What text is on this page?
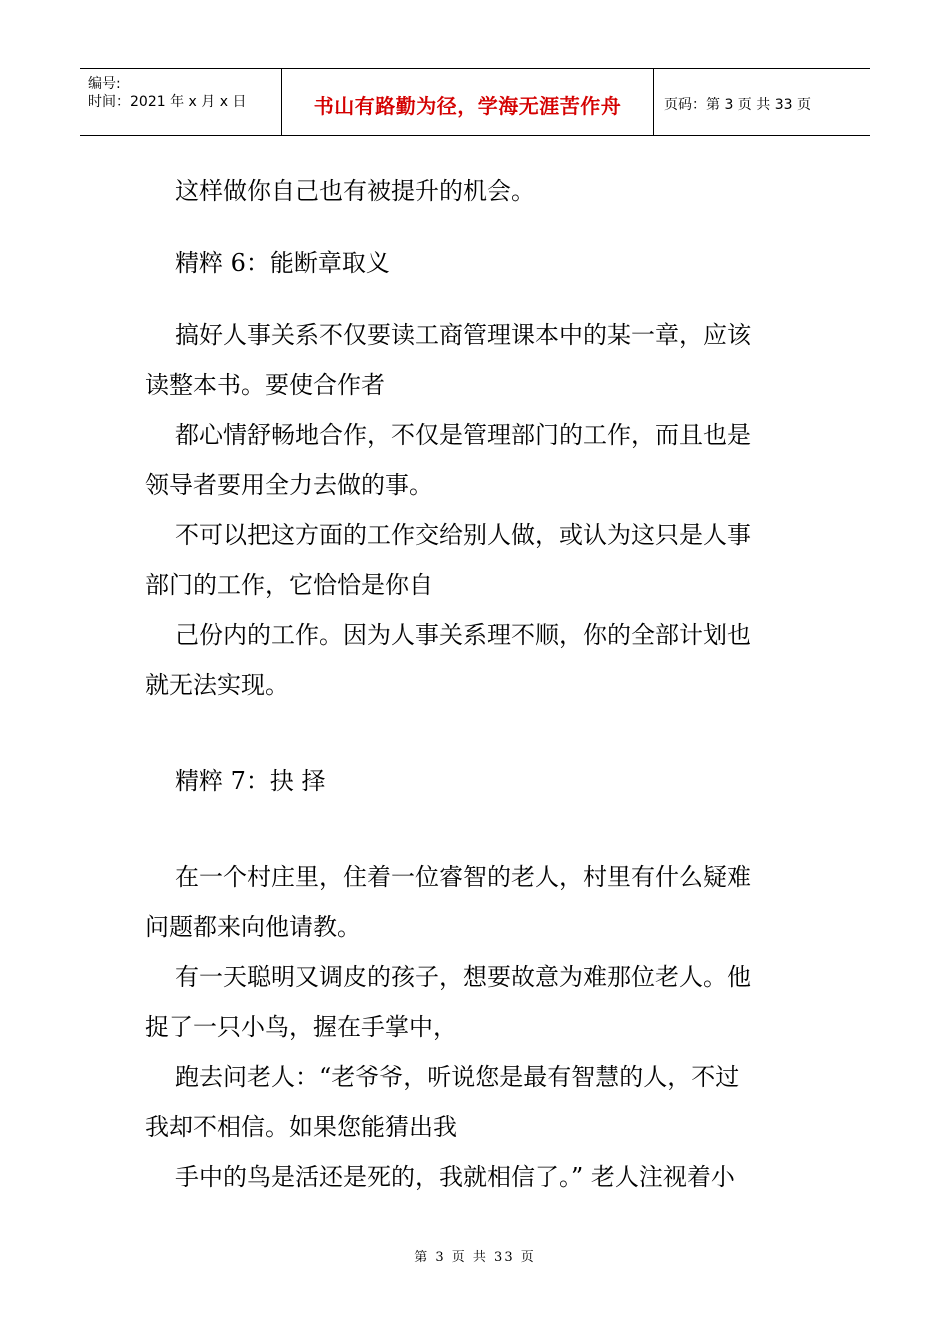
编号:
时间：2021 年 x 月 x 日	书山有路勤为径，学海无涯苦作舟	页码：第 3 页 共 33 页

这样做你自己也有被提升的机会。

精粹 6：能断章取义

搞好人事关系不仅要读工商管理课本中的某一章，应该

读整本书。要使合作者

都心情舒畅地合作，不仅是管理部门的工作，而且也是

领导者要用全力去做的事。

不可以把这方面的工作交给别人做，或认为这只是人事

部门的工作，它恰恰是你自

己份内的工作。因为人事关系理不顺，你的全部计划也

就无法实现。

精粹 7：抉 择

在一个村庄里，住着一位睿智的老人，村里有什么疑难

问题都来向他请教。

有一天聪明又调皮的孩子，想要故意为难那位老人。他

捉了一只小鸟，握在手掌中，

跑去问老人：“老爷爷，听说您是最有智慧的人，不过

我却不相信。如果您能猜出我

手中的鸟是活还是死的，我就相信了。” 老人注视着小

第 3 页 共 33 页
